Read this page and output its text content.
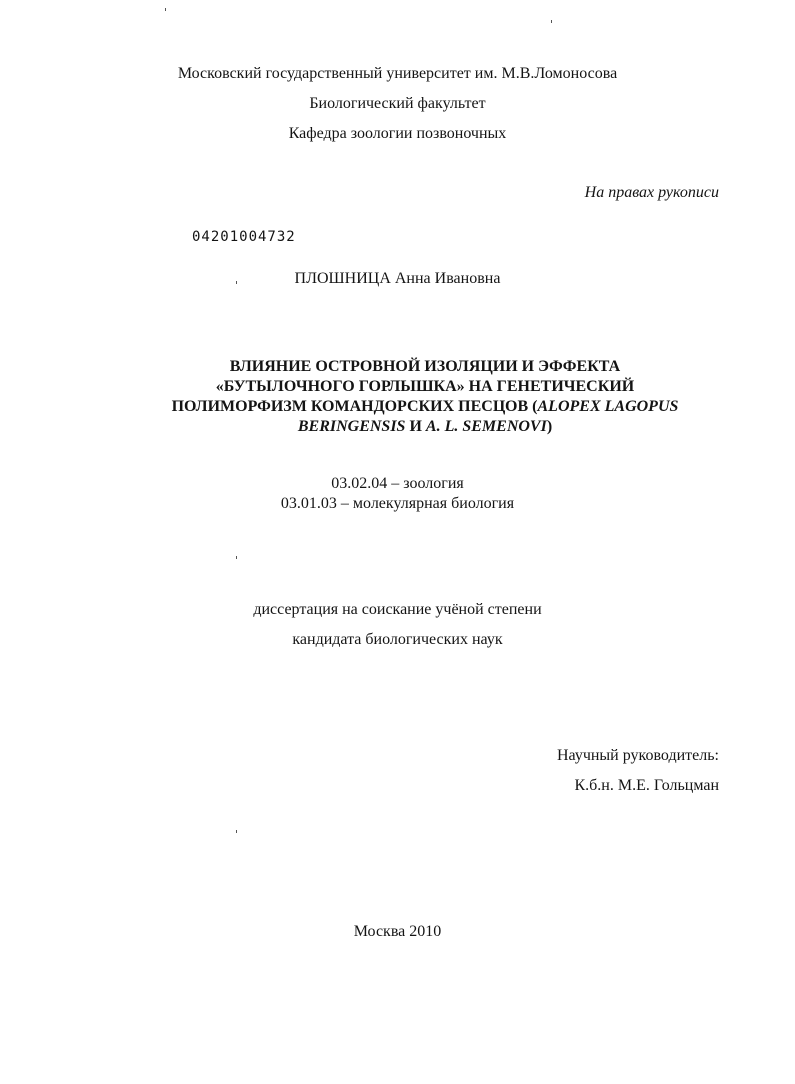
Московский государственный университет им. М.В.Ломоносова
Биологический факультет
Кафедра зоологии позвоночных
На правах рукописи
04201004732
ПЛОШНИЦА Анна Ивановна
ВЛИЯНИЕ ОСТРОВНОЙ ИЗОЛЯЦИИ И ЭФФЕКТА
«БУТЫЛОЧНОГО ГОРЛЫШКА» НА ГЕНЕТИЧЕСКИЙ
ПОЛИМОРФИЗМ КОМАНДОРСКИХ ПЕСЦОВ (ALOPEX LAGOPUS
BERINGENSIS И A. L. SEMENOVI)
03.02.04 – зоология
03.01.03 – молекулярная биология
диссертация на соискание учёной степени
кандидата биологических наук
Научный руководитель:
К.б.н. М.Е. Гольцман
Москва 2010
